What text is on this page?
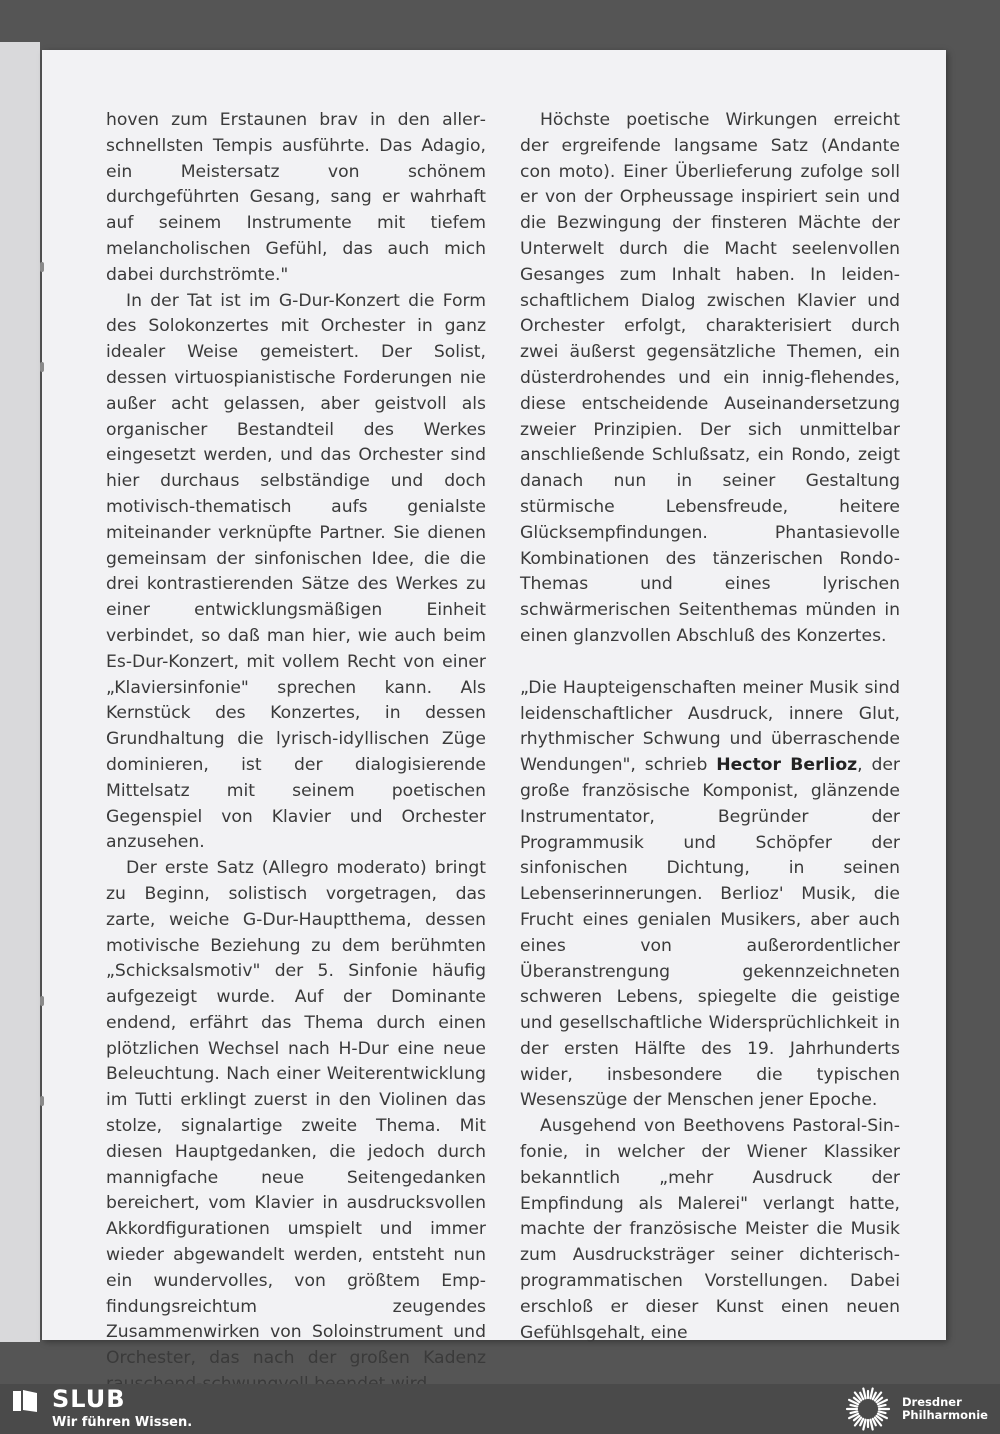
hoven zum Erstaunen brav in den allerschnellsten Tempis ausführte. Das Adagio, ein Meistersatz von schönem durchgeführten Gesang, sang er wahrhaft auf seinem Instrumente mit tiefem melancholischen Gefühl, das auch mich dabei durchströmte."

In der Tat ist im G-Dur-Konzert die Form des Solokonzertes mit Orchester in ganz idealer Weise gemeistert. Der Solist, dessen virtuospianistische Forderungen nie außer acht gelassen, aber geistvoll als organischer Bestandteil des Werkes eingesetzt werden, und das Orchester sind hier durchaus selbständige und doch motivisch-thematisch aufs genialste miteinander verknüpfte Partner. Sie dienen gemeinsam der sinfonischen Idee, die die drei kontrastierenden Sätze des Werkes zu einer entwicklungsmäßigen Einheit verbindet, so daß man hier, wie auch beim Es-Dur-Konzert, mit vollem Recht von einer „Klaviersinfonie" sprechen kann. Als Kernstück des Konzertes, in dessen Grundhaltung die lyrisch-idyllischen Züge dominieren, ist der dialogisierende Mittelsatz mit seinem poetischen Gegenspiel von Klavier und Orchester anzusehen.

Der erste Satz (Allegro moderato) bringt zu Beginn, solistisch vorgetragen, das zarte, weiche G-Dur-Hauptthema, dessen motivische Beziehung zu dem berühmten „Schicksalsmotiv" der 5. Sinfonie häufig aufgezeigt wurde. Auf der Dominante endend, erfährt das Thema durch einen plötzlichen Wechsel nach H-Dur eine neue Beleuchtung. Nach einer Weiterentwicklung im Tutti erklingt zuerst in den Violinen das stolze, signalartige zweite Thema. Mit diesen Hauptgedanken, die jedoch durch mannigfache neue Seitengedanken bereichert, vom Klavier in ausdrucksvollen Akkordfigurationen umspielt und immer wieder abgewandelt werden, entsteht nun ein wundervolles, von größtem Empfindungsreichtum zeugendes Zusammenwirken von Soloinstrument und Orchester, das nach der großen Kadenz

Höchste poetische Wirkungen erreicht der ergreifende langsame Satz (Andante con moto). Einer Überlieferung zufolge soll er von der Orpheussage inspiriert sein und die Bezwingung der finsteren Mächte der Unterwelt durch die Macht seelenvollen Gesanges zum Inhalt haben. In leidenschaftlichem Dialog zwischen Klavier und Orchester erfolgt, charakterisiert durch zwei äußerst gegensätzliche Themen, ein düsterdrohendes und ein innig-flehendes, diese entscheidende Auseinandersetzung zweier Prinzipien. Der sich unmittelbar anschließende Schlußsatz, ein Rondo, zeigt danach nun in seiner Gestaltung stürmische Lebensfreude, heitere Glücksempfindungen. Phantasievolle Kombinationen des tänzerischen Rondo-Themas und eines lyrischen schwärmerischen Seitenthemas münden in einen glanzvollen Abschluß des Konzertes.

„Die Haupteigenschaften meiner Musik sind leidenschaftlicher Ausdruck, innere Glut, rhythmischer Schwung und überraschende Wendungen", schrieb Hector Berlioz, der große französische Komponist, glänzende Instrumentator, Begründer der Programmusik und Schöpfer der sinfonischen Dichtung, in seinen Lebenserinnerungen. Berlioz' Musik, die Frucht eines genialen Musikers, aber auch eines von außerordentlicher Überanstrengung gekennzeichneten schweren Lebens, spiegelte die geistige und gesellschaftliche Widersprüchlichkeit in der ersten Hälfte des 19. Jahrhunderts wider, insbesondere die typischen Wesenszüge der Menschen jener Epoche.

Ausgehend von Beethovens Pastoral-Sinfonie, in welcher der Wiener Klassiker bekanntlich „mehr Ausdruck der Empfindung als Malerei" verlangt hatte, machte der französische Meister die Musik zum Ausdrucksträger seiner dichterisch-programmatischen Vorstellungen. Dabei erschloß er dieser Kunst einen neuen Gefühlsgehalt, eine

SLUB
Wir führen Wissen.
Dresdner
Philharmonie
